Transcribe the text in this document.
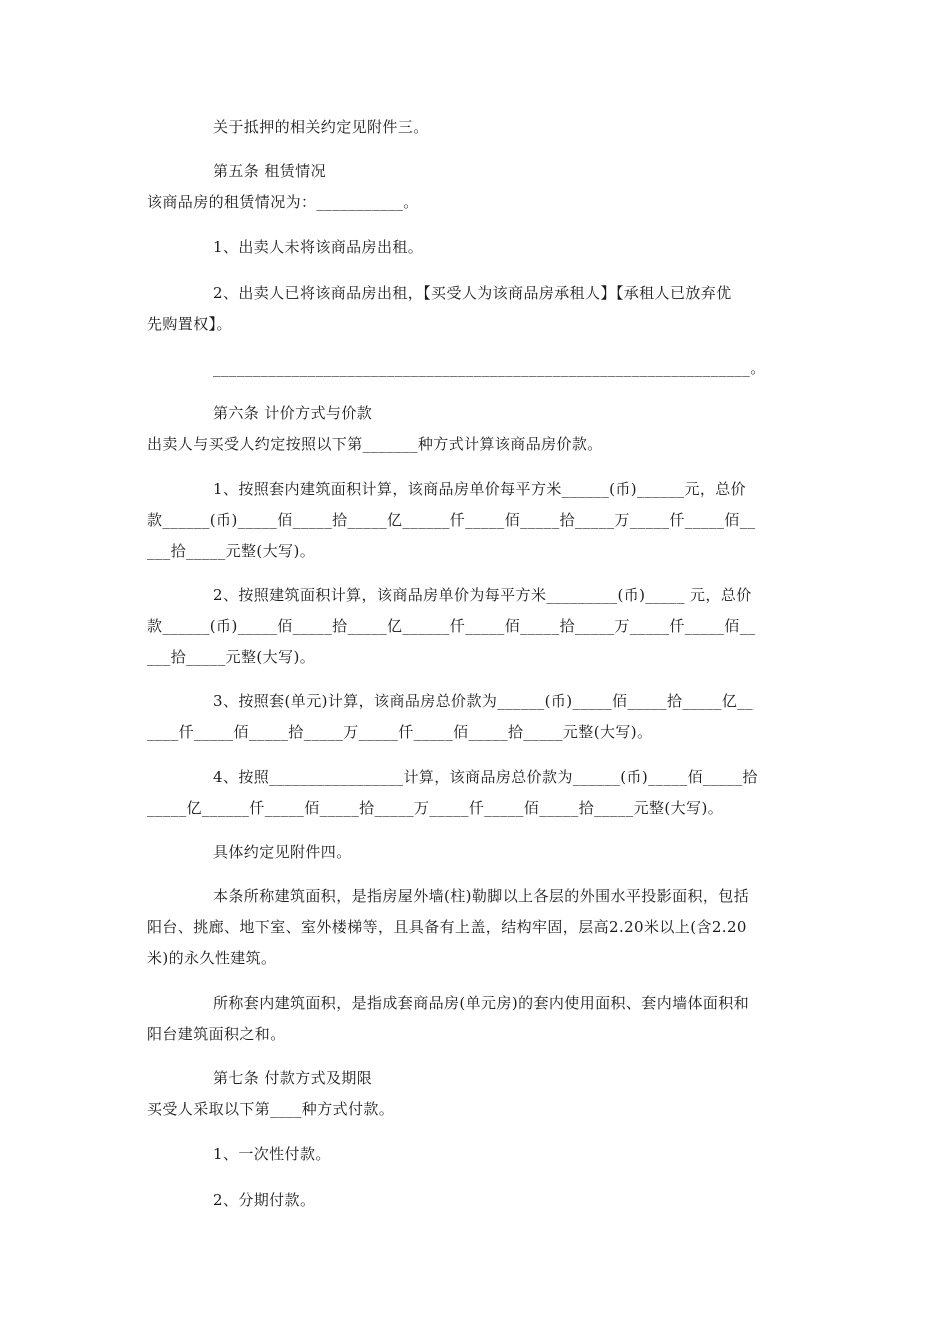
关于抵押的相关约定见附件三。
第五条 租赁情况
该商品房的租赁情况为：___________。
1、出卖人未将该商品房出租。
2、出卖人已将该商品房出租，【买受人为该商品房承租人】【承租人已放弃优
先购置权】。
____________________________________________________________________。
第六条 计价方式与价款
出卖人与买受人约定按照以下第_______种方式计算该商品房价款。
1、按照套内建筑面积计算，该商品房单价每平方米______(币)______元，总价
款______(币)_____佰_____拾_____亿______仟_____佰_____拾_____万_____仟_____佰__
___拾_____元整(大写)。
2、按照建筑面积计算，该商品房单价为每平方米_________(币)_____ 元，总价
款______(币)_____佰_____拾_____亿______仟_____佰_____拾_____万_____仟_____佰__
___拾_____元整(大写)。
3、按照套(单元)计算，该商品房总价款为______(币)_____佰_____拾_____亿__
____仟_____佰_____拾_____万_____仟_____佰_____拾_____元整(大写)。
4、按照_________________计算，该商品房总价款为______(币)_____佰_____拾
_____亿______仟_____佰_____拾_____万_____仟_____佰_____拾_____元整(大写)。
具体约定见附件四。
本条所称建筑面积，是指房屋外墙(柱)勒脚以上各层的外围水平投影面积，包括
阳台、挑廊、地下室、室外楼梯等，且具备有上盖，结构牢固，层高2.20米以上(含2.20
米)的永久性建筑。
所称套内建筑面积，是指成套商品房(单元房)的套内使用面积、套内墙体面积和
阳台建筑面积之和。
第七条 付款方式及期限
买受人采取以下第____种方式付款。
1、一次性付款。
2、分期付款。
